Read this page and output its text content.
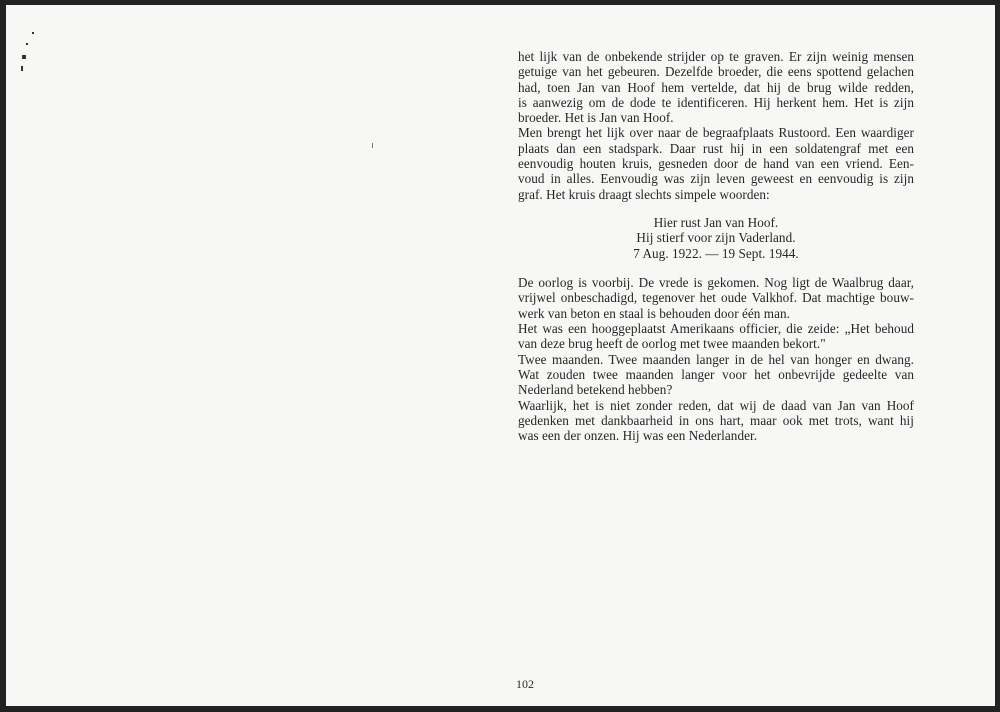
het lijk van de onbekende strijder op te graven. Er zijn weinig mensen
getuige van het gebeuren. Dezelfde broeder, die eens spottend gelachen
had, toen Jan van Hoof hem vertelde, dat hij de brug wilde redden,
is aanwezig om de dode te identificeren. Hij herkent hem. Het is zijn
broeder. Het is Jan van Hoof.
Men brengt het lijk over naar de begraafplaats Rustoord. Een waardiger
plaats dan een stadspark. Daar rust hij in een soldatengraf met een
eenvoudig houten kruis, gesneden door de hand van een vriend. Een-
voud in alles. Eenvoudig was zijn leven geweest en eenvoudig is zijn
graf. Het kruis draagt slechts simpele woorden:
Hier rust Jan van Hoof.
Hij stierf voor zijn Vaderland.
7 Aug. 1922. — 19 Sept. 1944.
De oorlog is voorbij. De vrede is gekomen. Nog ligt de Waalbrug daar,
vrijwel onbeschadigd, tegenover het oude Valkhof. Dat machtige bouw-
werk van beton en staal is behouden door één man.
Het was een hooggeplaatst Amerikaans officier, die zeide: „Het behoud
van deze brug heeft de oorlog met twee maanden bekort."
Twee maanden. Twee maanden langer in de hel van honger en dwang.
Wat zouden twee maanden langer voor het onbevrijde gedeelte van
Nederland betekend hebben?
Waarlijk, het is niet zonder reden, dat wij de daad van Jan van Hoof
gedenken met dankbaarheid in ons hart, maar ook met trots, want hij
was een der onzen. Hij was een Nederlander.
102
